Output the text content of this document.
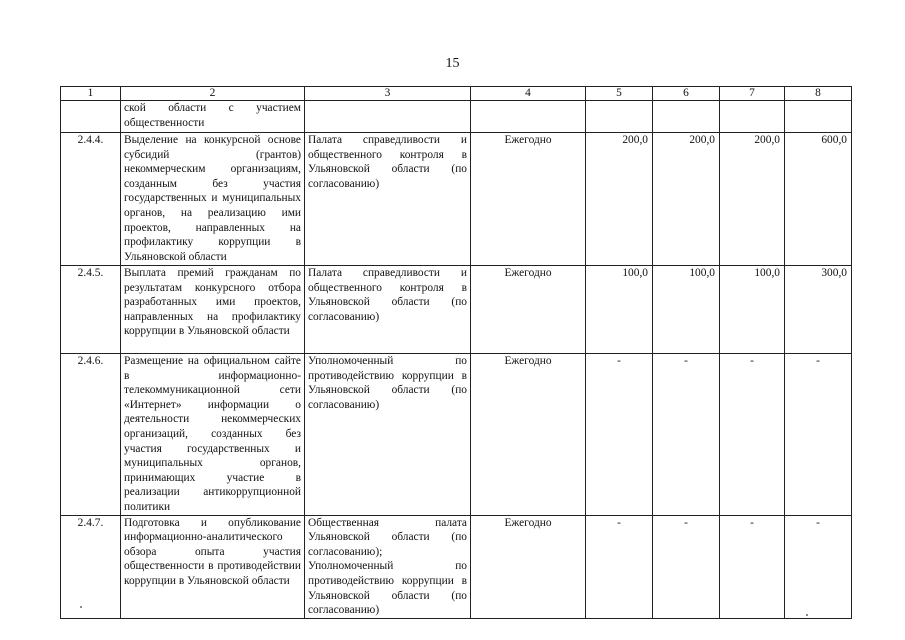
15
1	2	3	4	5	6	7	8
	ской области с участием общественности						
2.4.4.	Выделение на конкурсной основе субсидий (грантов) некоммерческим организациям, созданным без участия государственных и муниципальных органов, на реализацию ими проектов, направленных на профилактику коррупции в Ульяновской области	Палата справедливости и общественного контроля в Ульяновской области (по согласованию)	Ежегодно	200,0	200,0	200,0	600,0
2.4.5.	Выплата премий гражданам по результатам конкурсного отбора разработанных ими проектов, направленных на профилактику коррупции в Ульяновской области	Палата справедливости и общественного контроля в Ульяновской области (по согласованию)	Ежегодно	100,0	100,0	100,0	300,0
2.4.6.	Размещение на официальном сайте в информационно-телекоммуникационной сети «Интернет» информации о деятельности некоммерческих организаций, созданных без участия государственных и муниципальных органов, принимающих участие в реализации антикоррупционной политики	Уполномоченный по противодействию коррупции в Ульяновской области (по согласованию)	Ежегодно	-	-	-	-
2.4.7.	Подготовка и опубликование информационно-аналитического обзора опыта участия общественности в противодействии коррупции в Ульяновской области	Общественная палата Ульяновской области (по согласованию); Уполномоченный по противодействию коррупции в Ульяновской области (по согласованию)	Ежегодно	-	-	-	-
